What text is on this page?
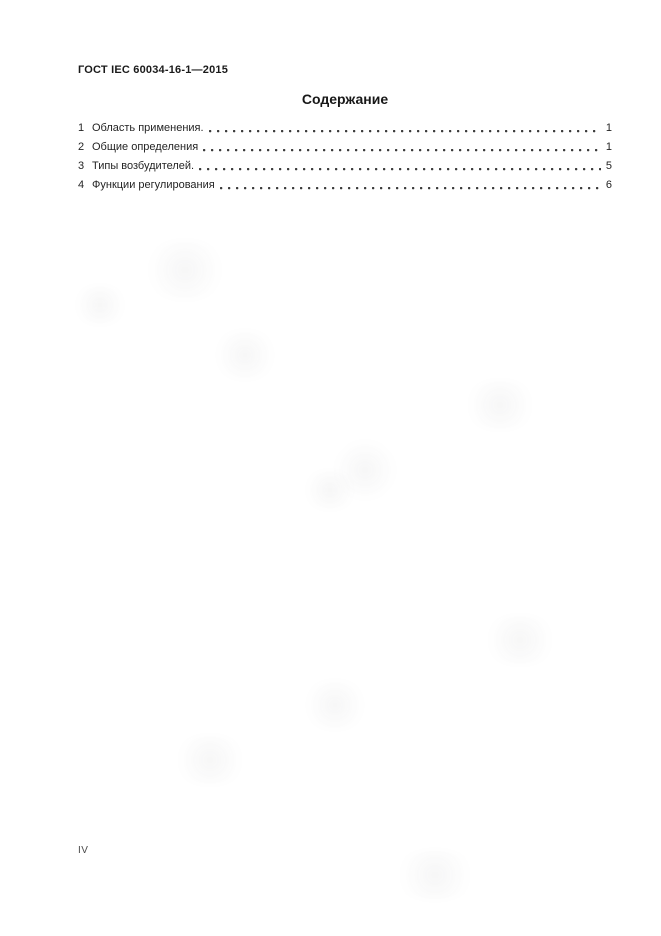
ГОСТ IEC 60034-16-1—2015
Содержание
1 Область применения.	1
2 Общие определения	1
3 Типы возбудителей.	5
4 Функции регулирования	6
IV
